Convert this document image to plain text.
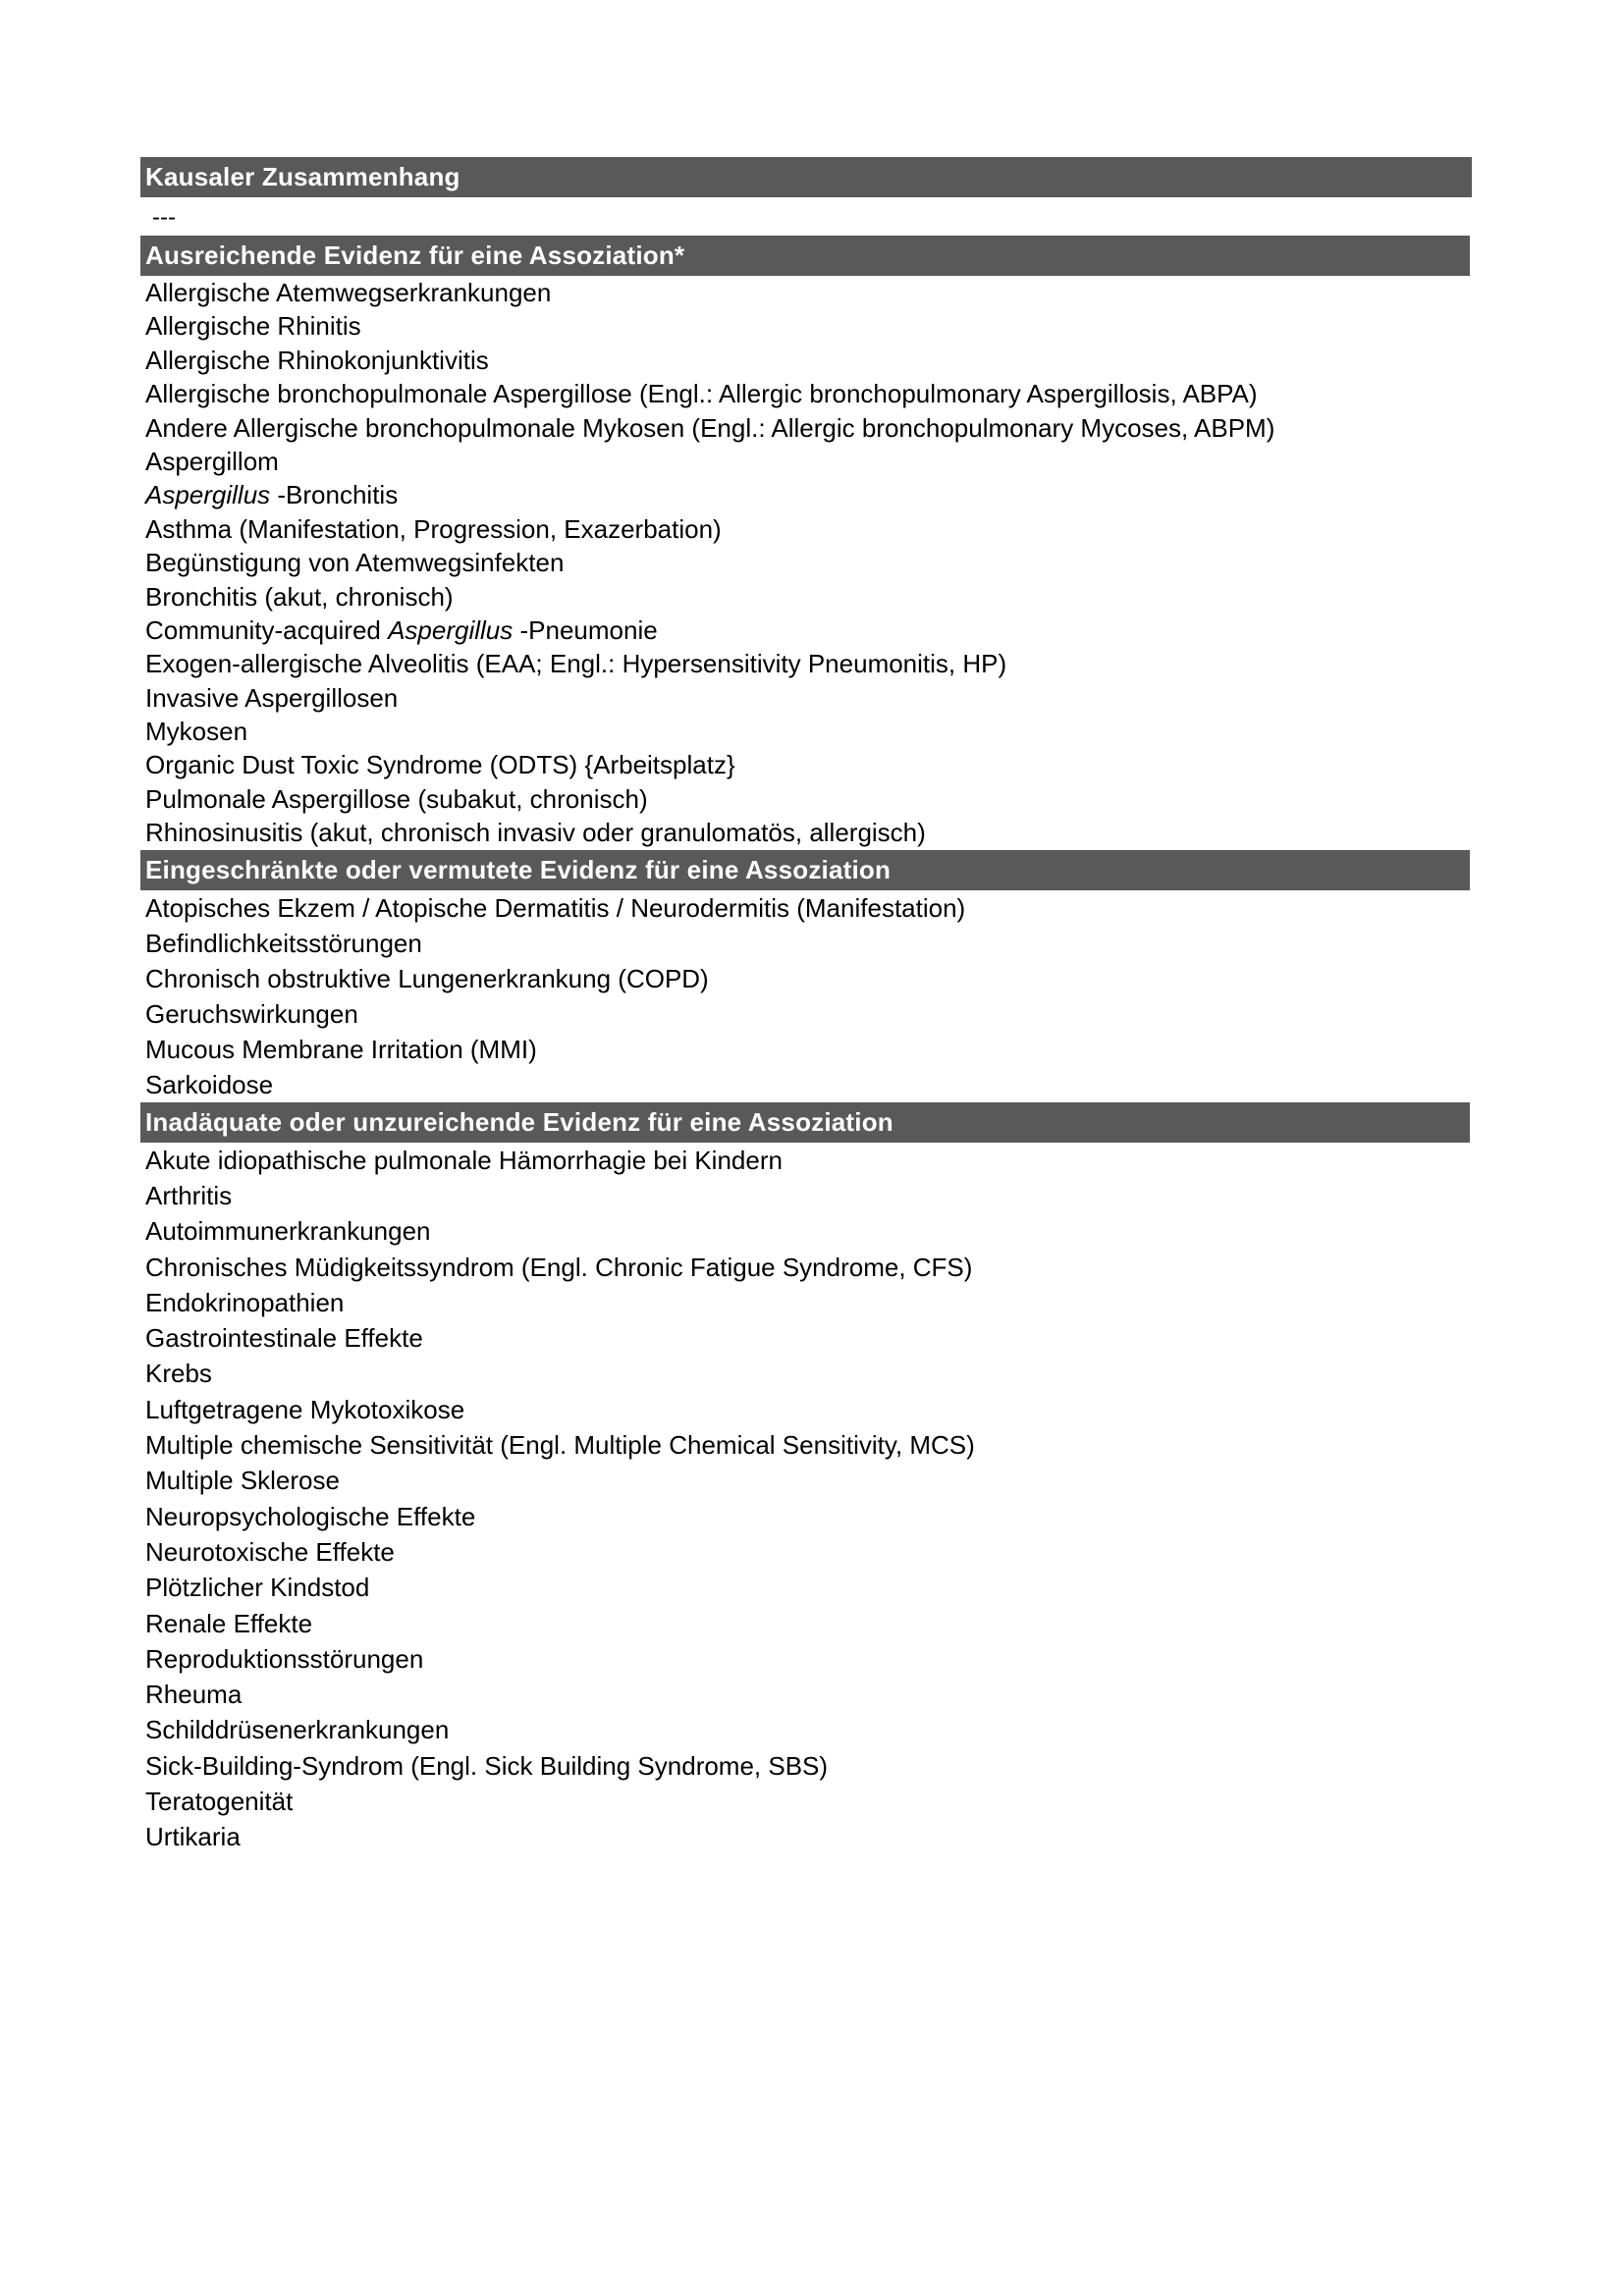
Kausaler Zusammenhang
---
Ausreichende Evidenz für eine Assoziation*
Allergische Atemwegserkrankungen
Allergische Rhinitis
Allergische Rhinokonjunktivitis
Allergische bronchopulmonale Aspergillose (Engl.: Allergic bronchopulmonary Aspergillosis, ABPA)
Andere Allergische bronchopulmonale Mykosen (Engl.: Allergic bronchopulmonary Mycoses, ABPM)
Aspergillom
Aspergillus -Bronchitis
Asthma (Manifestation, Progression, Exazerbation)
Begünstigung von Atemwegsinfekten
Bronchitis (akut, chronisch)
Community-acquired Aspergillus -Pneumonie
Exogen-allergische Alveolitis (EAA; Engl.: Hypersensitivity Pneumonitis, HP)
Invasive Aspergillosen
Mykosen
Organic Dust Toxic Syndrome (ODTS) {Arbeitsplatz}
Pulmonale Aspergillose (subakut, chronisch)
Rhinosinusitis (akut, chronisch invasiv oder granulomatös, allergisch)
Eingeschränkte oder vermutete Evidenz für eine Assoziation
Atopisches Ekzem / Atopische Dermatitis / Neurodermitis (Manifestation)
Befindlichkeitsstörungen
Chronisch obstruktive Lungenerkrankung (COPD)
Geruchswirkungen
Mucous Membrane Irritation (MMI)
Sarkoidose
Inadäquate oder unzureichende Evidenz für eine Assoziation
Akute idiopathische pulmonale Hämorrhagie bei Kindern
Arthritis
Autoimmunerkrankungen
Chronisches Müdigkeitssyndrom (Engl. Chronic Fatigue Syndrome, CFS)
Endokrinopathien
Gastrointestinale Effekte
Krebs
Luftgetragene Mykotoxikose
Multiple chemische Sensitivität (Engl. Multiple Chemical Sensitivity, MCS)
Multiple Sklerose
Neuropsychologische Effekte
Neurotoxische Effekte
Plötzlicher Kindstod
Renale Effekte
Reproduktionsstörungen
Rheuma
Schilddrüsenerkrankungen
Sick-Building-Syndrom (Engl. Sick Building Syndrome, SBS)
Teratogenität
Urtikaria
